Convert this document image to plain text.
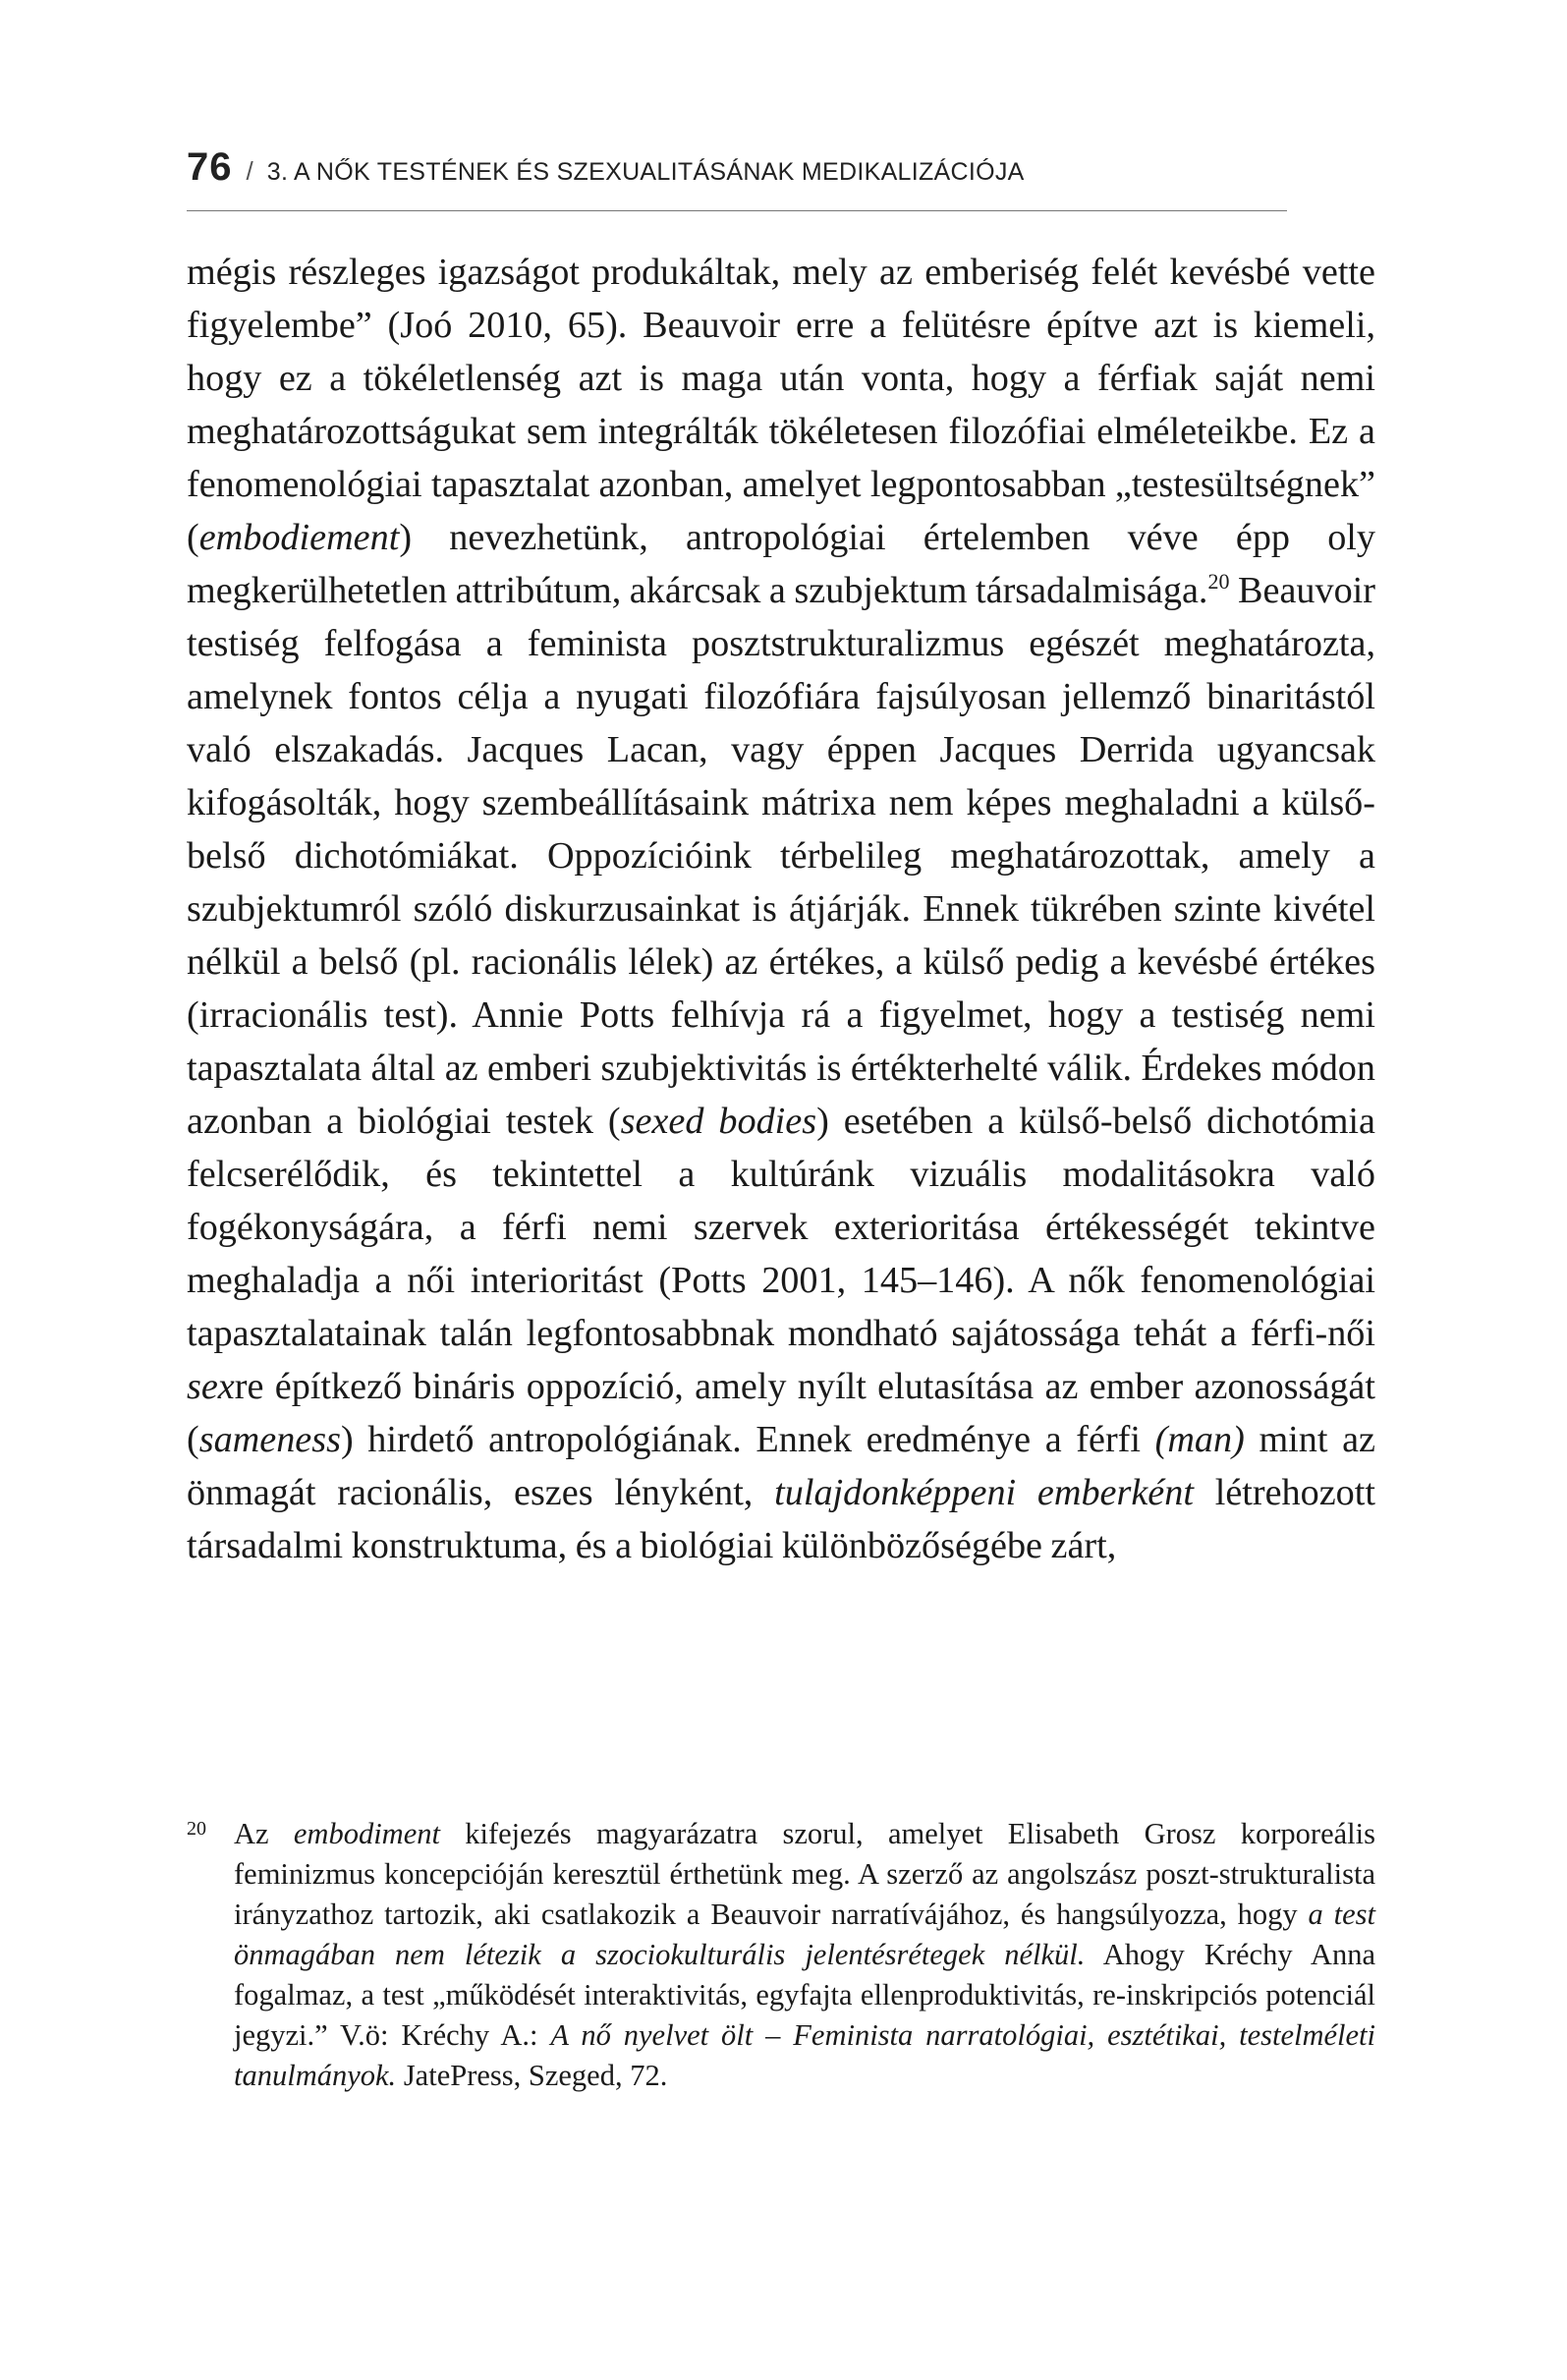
76 / 3. A NŐK TESTÉNEK ÉS SZEXUALITÁSÁNAK MEDIKALIZÁCIÓJA

mégis részleges igazságot produkáltak, mely az emberiség felét kevésbé vette figyelembe” (Joó 2010, 65). Beauvoir erre a felütésre építve azt is kiemeli, hogy ez a tökéletlenség azt is maga után vonta, hogy a férfiak saját nemi meghatározottságukat sem integrálták tökéletesen filozófiai elméleteikbe. Ez a fenomenológiai tapasztalat azonban, amelyet legpontosabban „testesültségnek” (embodiement) nevezhetünk, antropológiai értelemben véve épp oly megkerülhetetlen attribútum, akárcsak a szubjektum társadalmisága.$^{20}$ Beauvoir testiség felfogása a feminista posztstrukturalizmus egészét meghatározta, amelynek fontos célja a nyugati filozófiára fajsúlyosan jellemző binaritástól való elszakadás. Jacques Lacan, vagy éppen Jacques Derrida ugyancsak kifogásolták, hogy szembeállításaink mátrixa nem képes meghaladni a külső-belső dichotómiákat. Oppozícióink térbelileg meghatározottak, amely a szubjektumról szóló diskurzusainkat is átjárják. Ennek tükrében szinte kivétel nélkül a belső (pl. racionális lélek) az értékes, a külső pedig a kevésbé értékes (irracionális test). Annie Potts felhívja rá a figyelmet, hogy a testiség nemi tapasztalata által az emberi szubjektivitás is értékterhelté válik. Érdekes módon azonban a biológiai testek (sexed bodies) esetében a külső-belső dichotómia felcserélődik, és tekintettel a kultúránk vizuális modalitásokra való fogékonyságára, a férfi nemi szervek exterioritása értékességét tekintve meghaladja a női interioritást (Potts 2001, 145–146). A nők fenomenológiai tapasztalatainak talán legfontosabbnak mondható sajátossága tehát a férfi-női sexre építkező bináris oppozíció, amely nyílt elutasítása az ember azonosságát (sameness) hirdető antropológiának. Ennek eredménye a férfi (man) mint az önmagát racionális, eszes lényként, tulajdonképpeni emberként létrehozott társadalmi konstruktuma, és a biológiai különbözőségébe zárt,

20 Az embodiment kifejezés magyarázatra szorul, amelyet Elisabeth Grosz korporeális feminizmus koncepcióján keresztül érthetünk meg. A szerző az angolszász poszt-strukturalista irányzathoz tartozik, aki csatlakozik a Beauvoir narratívájához, és hangsúlyozza, hogy a test önmagában nem létezik a szociokulturális jelentésrétegek nélkül. Ahogy Kréchy Anna fogalmaz, a test „működését interaktivitás, egyfajta ellenproduktivitás, re-inskripciós potenciál jegyzi.” V.ö: Kréchy A.: A nő nyelvet ölt – Feminista narratológiai, esztétikai, testelméleti tanulmányok. JatePress, Szeged, 72.
